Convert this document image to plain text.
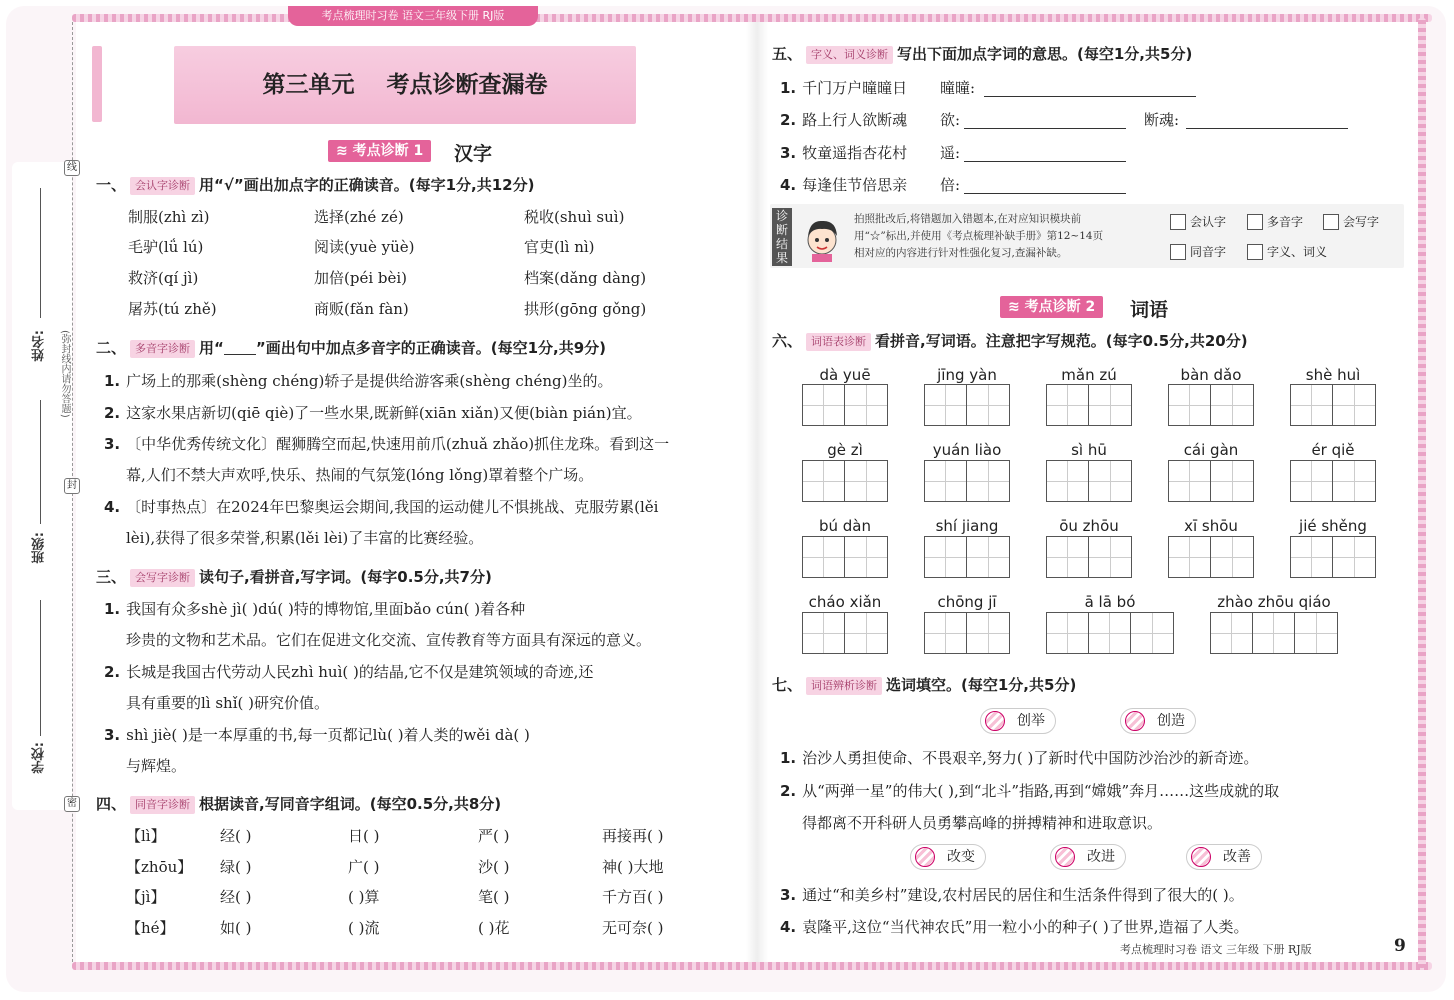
姓名:
班级:
学校:
(弥封线内请勿答题)
线
封
密
考点梳理时习卷 语文三年级下册 RJ版
第三单元    考点诊断查漏卷
≋ 考点诊断 1	汉字
一、 会认字诊断 用“√”画出加点字的正确读音。(每字1分,共12分)
制服(zhì zì)	选择(zhé zé)	税收(shuì suì)
毛驴(lǘ lú)	阅读(yuè yüè)	官吏(lì nì)
救济(qí jì)	加倍(péi bèi)	档案(dǎng dàng)
屠苏(tú zhě)	商贩(fǎn fàn)	拱形(gōng gǒng)
二、 多音字诊断 用“ ”画出句中加点多音字的正确读音。(每空1分,共9分)
1. 广场上的那乘(shèng chéng)轿子是提供给游客乘(shèng chéng)坐的。
2. 这家水果店新切(qiē qiè)了一些水果,既新鲜(xiān xiǎn)又便(biàn pián)宜。
3. 〔中华优秀传统文化〕醒狮腾空而起,快速用前爪(zhuǎ zhǎo)抓住龙珠。看到这一
幕,人们不禁大声欢呼,快乐、热闹的气氛笼(lóng lǒng)罩着整个广场。
4. 〔时事热点〕在2024年巴黎奥运会期间,我国的运动健儿不惧挑战、克服劳累(lěi
lèi),获得了很多荣誉,积累(lěi lèi)了丰富的比赛经验。
三、 会写字诊断 读句子,看拼音,写字词。(每字0.5分,共7分)
1. 我国有众多shè jì( )dú( )特的博物馆,里面bǎo cún( )着各种
珍贵的文物和艺术品。它们在促进文化交流、宣传教育等方面具有深远的意义。
2. 长城是我国古代劳动人民zhì huì( )的结晶,它不仅是建筑领域的奇迹,还
具有重要的lì shǐ( )研究价值。
3. shì jiè( )是一本厚重的书,每一页都记lù( )着人类的wěi dà( )
与辉煌。
四、 同音字诊断 根据读音,写同音字组词。(每空0.5分,共8分)
【lì】	经( )	日( )	严( )	再接再( )
【zhōu】 绿( )	广( )	沙( )	神( )大地
【jì】	经( )	( )算	笔( )	千方百( )
【hé】	如( )	( )流	( )花	无可奈( )
五、 字义、词义诊断 写出下面加点字词的意思。(每空1分,共5分)
1. 千门万户曈曈日 曈曈:
2. 路上行人欲断魂 欲:	断魂:
3. 牧童遥指杏花村 遥:
4. 每逢佳节倍思亲 倍:
诊断结果
拍照批改后,将错题加入错题本,在对应知识模块前
用“☆”标出,并使用《考点梳理补缺手册》第12~14页
相对应的内容进行针对性强化复习,查漏补缺。
会认字	多音字	会写字
同音字	字义、词义
≋ 考点诊断 2	词语
六、 词语表诊断 看拼音,写词语。注意把字写规范。(每字0.5分,共20分)
dà yuē	jīng yàn	mǎn zú	bàn dǎo	shè huì
gè zì	yuán liào	sì hū	cái gàn	ér qiě
bú dàn	shí jiang	ōu zhōu	xī shōu	jié shěng
cháo xiǎn	chōng jī	ā lā bó	zhào zhōu qiáo
七、 词语辨析诊断 选词填空。(每空1分,共5分)
创举	创造
1. 治沙人勇担使命、不畏艰辛,努力( )了新时代中国防沙治沙的新奇迹。
2. 从“两弹一星”的伟大( ),到“北斗”指路,再到“嫦娥”奔月……这些成就的取
得都离不开科研人员勇攀高峰的拼搏精神和进取意识。
改变	改进	改善
3. 通过“和美乡村”建设,农村居民的居住和生活条件得到了很大的( )。
4. 袁隆平,这位“当代神农氏”用一粒小小的种子( )了世界,造福了人类。
考点梳理时习卷 语文 三年级 下册 RJ版	9
